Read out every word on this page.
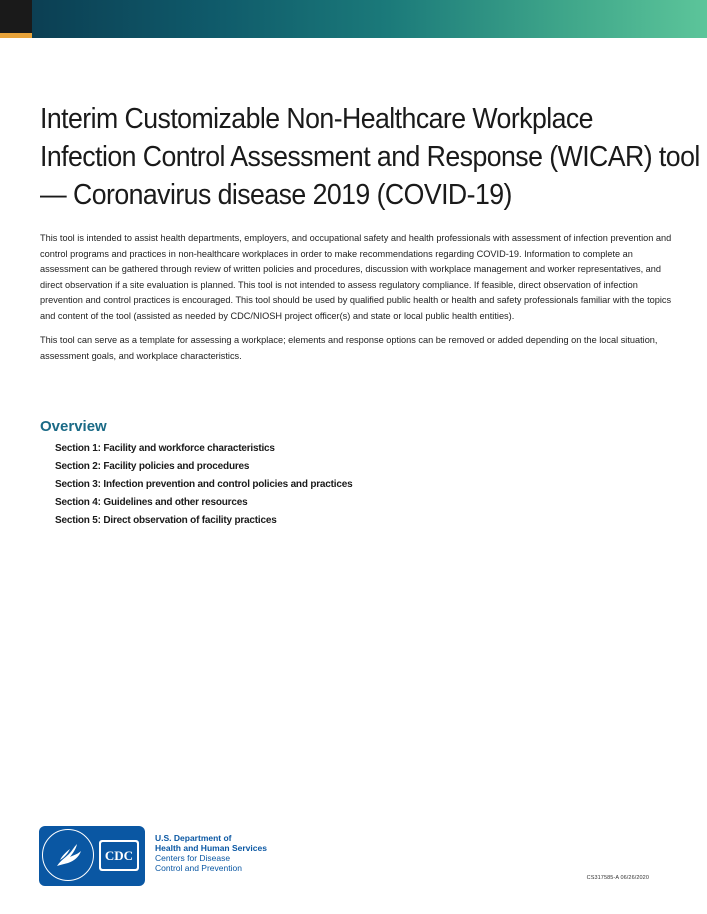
Interim Customizable Non-Healthcare Workplace
Infection Control Assessment and Response (WICAR) tool
— Coronavirus disease 2019 (COVID-19)

This tool is intended to assist health departments, employers, and occupational safety and health professionals with assessment of infection prevention and control programs and practices in non-healthcare workplaces in order to make recommendations regarding COVID-19. Information to complete an assessment can be gathered through review of written policies and procedures, discussion with workplace management and worker representatives, and direct observation if a site evaluation is planned. This tool is not intended to assess regulatory compliance. If feasible, direct observation of infection prevention and control practices is encouraged. This tool should be used by qualified public health or health and safety professionals familiar with the topics and content of the tool (assisted as needed by CDC/NIOSH project officer(s) and state or local public health entities).

This tool can serve as a template for assessing a workplace; elements and response options can be removed or added depending on the local situation, assessment goals, and workplace characteristics.

Overview
Section 1: Facility and workforce characteristics
Section 2: Facility policies and procedures
Section 3: Infection prevention and control policies and practices
Section 4: Guidelines and other resources
Section 5: Direct observation of facility practices
CDC
U.S. Department of
Health and Human Services
Centers for Disease
Control and Prevention
CS317585-A 06/26/2020
